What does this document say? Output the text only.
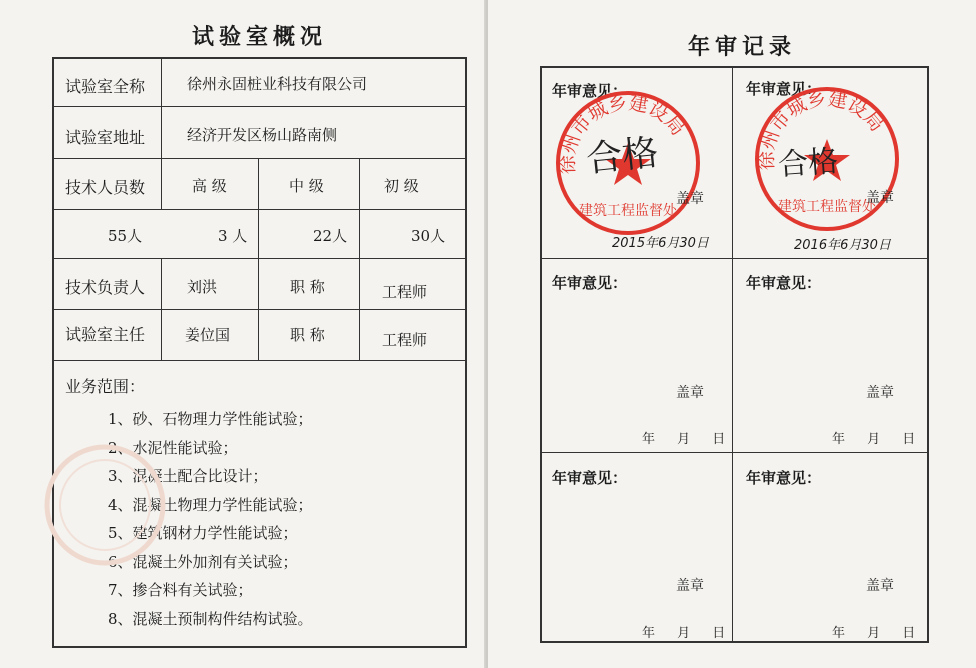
试验室概况
试验室全称	徐州永固桩业科技有限公司
试验室地址	经济开发区杨山路南侧
技术人员数	高 级	中 级	初 级
55人	3 人	22人	30人
技术负责人	刘洪	职 称	工程师
试验室主任	姜位国	职 称	工程师
业务范围：
1、砂、石物理力学性能试验；
2、水泥性能试验；
3、混凝土配合比设计；
4、混凝土物理力学性能试验；
5、建筑钢材力学性能试验；
6、混凝土外加剂有关试验；
7、掺合料有关试验；
8、混凝土预制构件结构试验。
年审记录
年审意见：	年审意见：
徐州市城乡建设局
建筑工程监督处
合格
盖章
2015年6月30日
徐州市城乡建设局
建筑工程监督处
合格
盖章
2016年6月30日
年审意见：	年审意见：
盖章	盖章
年 月 日	年 月 日
年审意见：	年审意见：
盖章	盖章
年 月 日	年 月 日
